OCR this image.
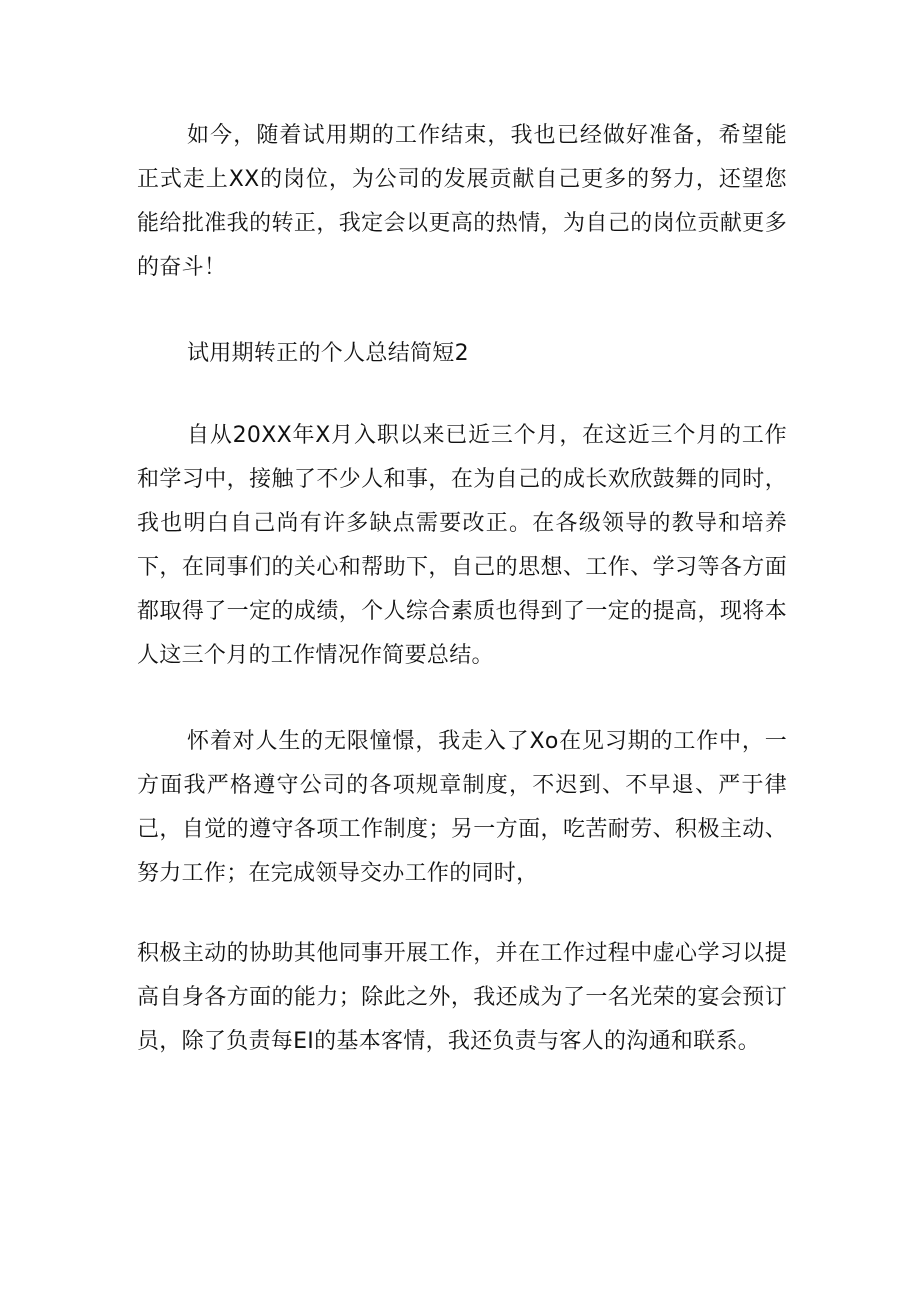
如今，随着试用期的工作结束，我也已经做好准备，希望能正式走上XX的岗位，为公司的发展贡献自己更多的努力，还望您能给批准我的转正，我定会以更高的热情，为自己的岗位贡献更多的奋斗！

试用期转正的个人总结简短2

自从20XX年X月入职以来已近三个月，在这近三个月的工作和学习中，接触了不少人和事，在为自己的成长欢欣鼓舞的同时，我也明白自己尚有许多缺点需要改正。在各级领导的教导和培养下，在同事们的关心和帮助下，自己的思想、工作、学习等各方面都取得了一定的成绩，个人综合素质也得到了一定的提高，现将本人这三个月的工作情况作简要总结。

怀着对人生的无限憧憬，我走入了Xo在见习期的工作中，一方面我严格遵守公司的各项规章制度，不迟到、不早退、严于律己，自觉的遵守各项工作制度；另一方面，吃苦耐劳、积极主动、努力工作；在完成领导交办工作的同时，

积极主动的协助其他同事开展工作，并在工作过程中虚心学习以提高自身各方面的能力；除此之外，我还成为了一名光荣的宴会预订员，除了负责每EI的基本客情，我还负责与客人的沟通和联系。
